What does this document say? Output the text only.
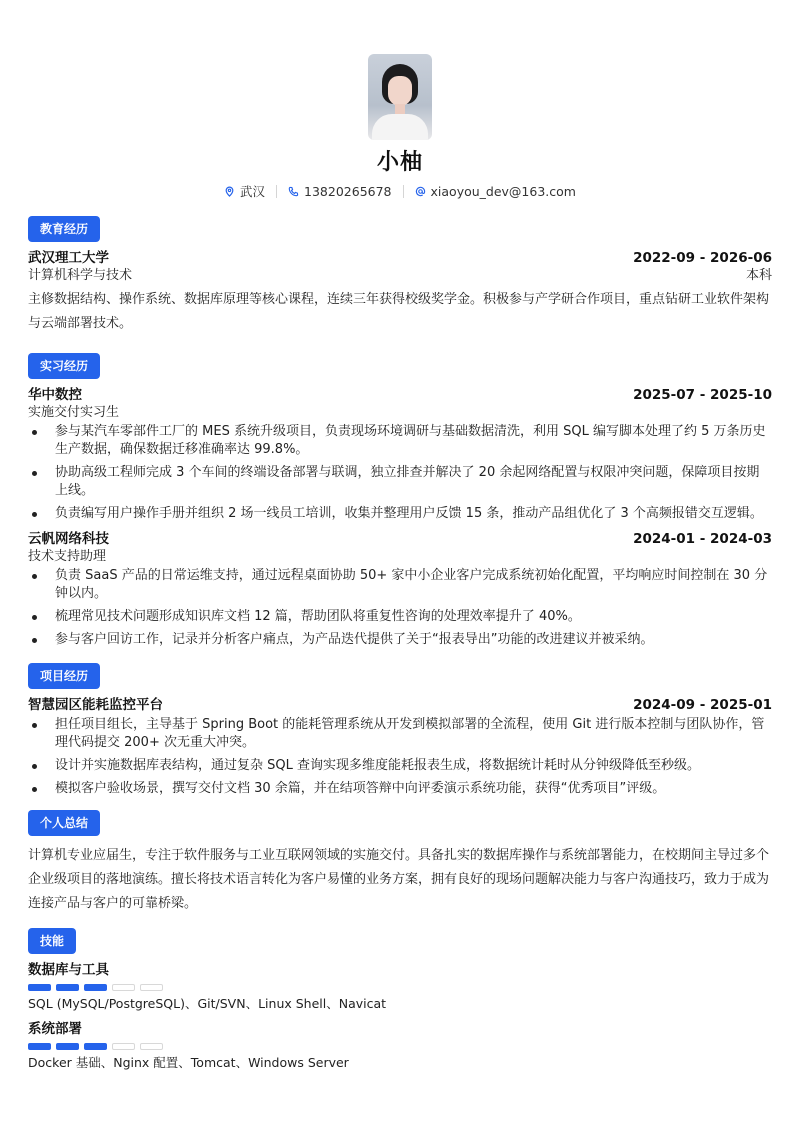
小柚
武汉	13820265678	xiaoyou_dev@163.com
教育经历
武汉理工大学	2022-09 - 2026-06
计算机科学与技术	本科
主修数据结构、操作系统、数据库原理等核心课程，连续三年获得校级奖学金。积极参与产学研合作项目，重点钻研工业软件架构与云端部署技术。
实习经历
华中数控	2025-07 - 2025-10
实施交付实习生
参与某汽车零部件工厂的 MES 系统升级项目，负责现场环境调研与基础数据清洗，利用 SQL 编写脚本处理了约 5 万条历史生产数据，确保数据迁移准确率达 99.8%。
协助高级工程师完成 3 个车间的终端设备部署与联调，独立排查并解决了 20 余起网络配置与权限冲突问题，保障项目按期上线。
负责编写用户操作手册并组织 2 场一线员工培训，收集并整理用户反馈 15 条，推动产品组优化了 3 个高频报错交互逻辑。
云帆网络科技	2024-01 - 2024-03
技术支持助理
负责 SaaS 产品的日常运维支持，通过远程桌面协助 50+ 家中小企业客户完成系统初始化配置，平均响应时间控制在 30 分钟以内。
梳理常见技术问题形成知识库文档 12 篇，帮助团队将重复性咨询的处理效率提升了 40%。
参与客户回访工作，记录并分析客户痛点，为产品迭代提供了关于“报表导出”功能的改进建议并被采纳。
项目经历
智慧园区能耗监控平台	2024-09 - 2025-01
担任项目组长，主导基于 Spring Boot 的能耗管理系统从开发到模拟部署的全流程，使用 Git 进行版本控制与团队协作，管理代码提交 200+ 次无重大冲突。
设计并实施数据库表结构，通过复杂 SQL 查询实现多维度能耗报表生成，将数据统计耗时从分钟级降低至秒级。
模拟客户验收场景，撰写交付文档 30 余篇，并在结项答辩中向评委演示系统功能，获得“优秀项目”评级。
个人总结
计算机专业应届生，专注于软件服务与工业互联网领域的实施交付。具备扎实的数据库操作与系统部署能力，在校期间主导过多个企业级项目的落地演练。擅长将技术语言转化为客户易懂的业务方案，拥有良好的现场问题解决能力与客户沟通技巧，致力于成为连接产品与客户的可靠桥梁。
技能
数据库与工具
SQL (MySQL/PostgreSQL)、Git/SVN、Linux Shell、Navicat
系统部署
Docker 基础、Nginx 配置、Tomcat、Windows Server
